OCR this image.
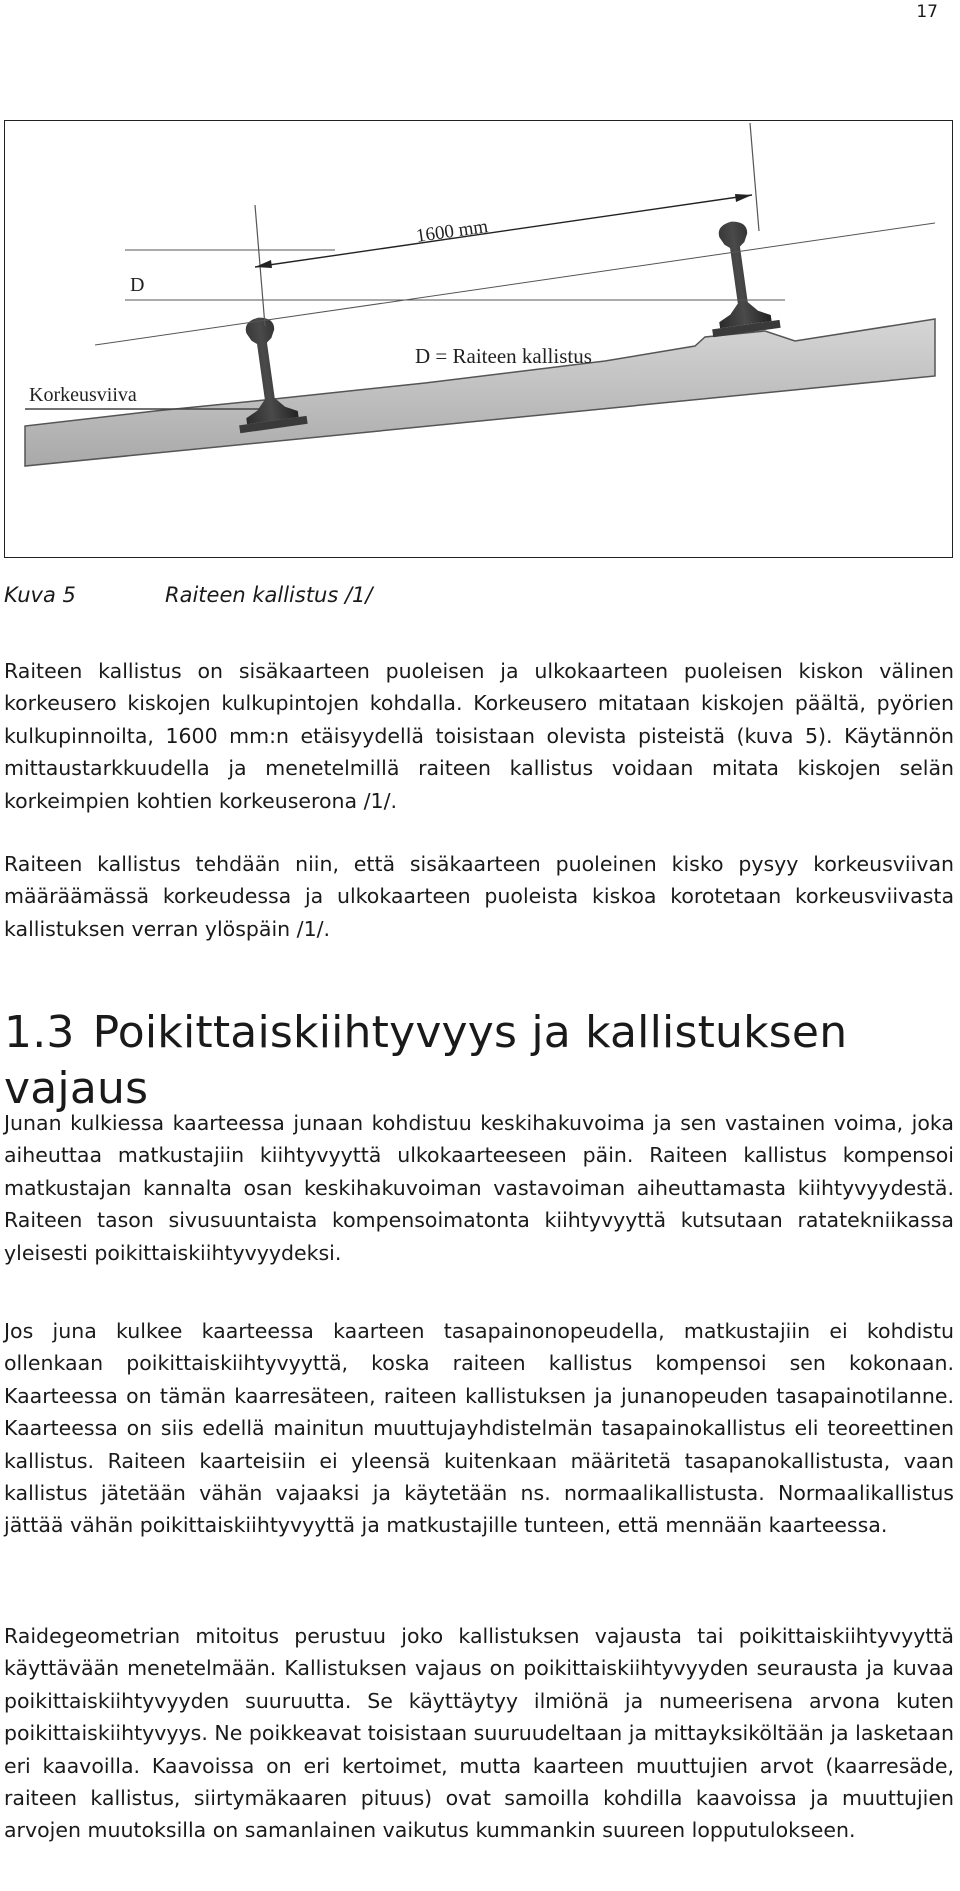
17
1600 mm
D
D = Raiteen kallistus
Korkeusviiva
Kuva 5	Raiteen kallistus /1/

Raiteen kallistus on sisäkaarteen puoleisen ja ulkokaarteen puoleisen kiskon välinen korkeusero kiskojen kulkupintojen kohdalla. Korkeusero mitataan kiskojen päältä, pyörien kulkupinnoilta, 1600 mm:n etäisyydellä toisistaan olevista pisteistä (kuva 5). Käytännön mittaustarkkuudella ja menetelmillä raiteen kallistus voidaan mitata kiskojen selän korkeimpien kohtien korkeuserona /1/.

Raiteen kallistus tehdään niin, että sisäkaarteen puoleinen kisko pysyy korkeusviivan määräämässä korkeudessa ja ulkokaarteen puoleista kiskoa korotetaan korkeusviivasta kallistuksen verran ylöspäin /1/.

1.3 Poikittaiskiihtyvyys ja kallistuksen vajaus

Junan kulkiessa kaarteessa junaan kohdistuu keskihakuvoima ja sen vastainen voima, joka aiheuttaa matkustajiin kiihtyvyyttä ulkokaarteeseen päin. Raiteen kallistus kompensoi matkustajan kannalta osan keskihakuvoiman vastavoiman aiheuttamasta kiihtyvyydestä. Raiteen tason sivusuuntaista kompensoimatonta kiihtyvyyttä kutsutaan ratatekniikassa yleisesti poikittaiskiihtyvyydeksi.

Jos juna kulkee kaarteessa kaarteen tasapainonopeudella, matkustajiin ei kohdistu ollenkaan poikittaiskiihtyvyyttä, koska raiteen kallistus kompensoi sen kokonaan. Kaarteessa on tämän kaarresäteen, raiteen kallistuksen ja junanopeuden tasapainotilanne. Kaarteessa on siis edellä mainitun muuttujayhdistelmän tasapainokallistus eli teoreettinen kallistus. Raiteen kaarteisiin ei yleensä kuitenkaan määritetä tasapanokallistusta, vaan kallistus jätetään vähän vajaaksi ja käytetään ns. normaalikallistusta. Normaalikallistus jättää vähän poikittaiskiihtyvyyttä ja matkustajille tunteen, että mennään kaarteessa.

Raidegeometrian mitoitus perustuu joko kallistuksen vajausta tai poikittaiskiihtyvyyttä käyttävään menetelmään. Kallistuksen vajaus on poikittaiskiihtyvyyden seurausta ja kuvaa poikittaiskiihtyvyyden suuruutta. Se käyttäytyy ilmiönä ja numeerisena arvona kuten poikittaiskiihtyvyys. Ne poikkeavat toisistaan suuruudeltaan ja mittayksiköltään ja lasketaan eri kaavoilla. Kaavoissa on eri kertoimet, mutta kaarteen muuttujien arvot (kaarresäde, raiteen kallistus, siirtymäkaaren pituus) ovat samoilla kohdilla kaavoissa ja muuttujien arvojen muutoksilla on samanlainen vaikutus kummankin suureen lopputulokseen.
